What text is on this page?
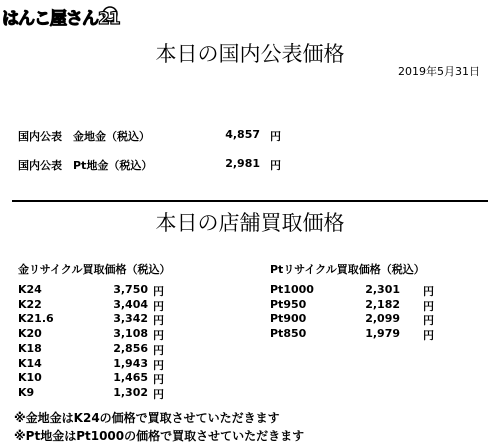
はんこ屋さん21
本日の国内公表価格
2019年5月31日
国内公表　金地金（税込）	4,857 円
国内公表　Pt地金（税込）	2,981 円
本日の店舗買取価格
金リサイクル買取価格（税込）
K24	3,750 円
K22	3,404 円
K21.6	3,342 円
K20	3,108 円
K18	2,856 円
K14	1,943 円
K10	1,465 円
K9	1,302 円
Ptリサイクル買取価格（税込）
Pt1000	2,301 円
Pt950	2,182 円
Pt900	2,099 円
Pt850	1,979 円
※金地金はK24の価格で買取させていただきます
※Pt地金はPt1000の価格で買取させていただきます
